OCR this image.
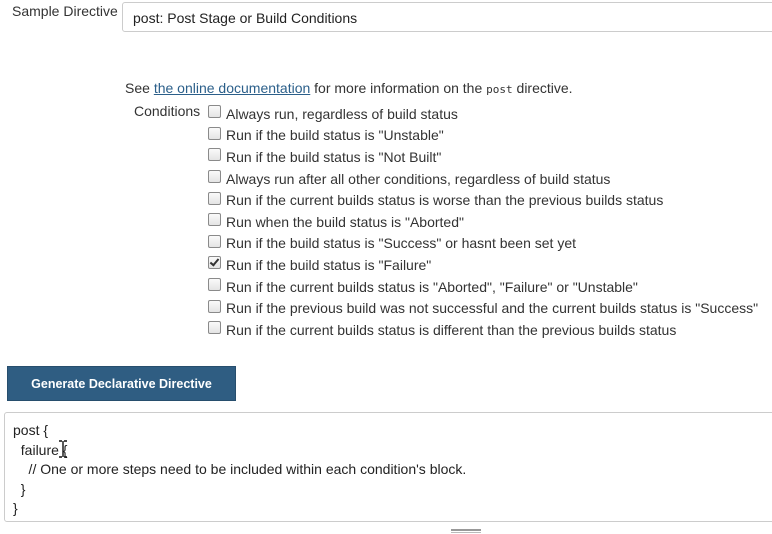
Sample Directive	post: Post Stage or Build Conditions
See the online documentation for more information on the post directive.
Conditions Always run, regardless of build status
Run if the build status is "Unstable"
Run if the build status is "Not Built"
Always run after all other conditions, regardless of build status
Run if the current builds status is worse than the previous builds status
Run when the build status is "Aborted"
Run if the build status is "Success" or hasnt been set yet
Run if the build status is "Failure"
Run if the current builds status is "Aborted", "Failure" or "Unstable"
Run if the previous build was not successful and the current builds status is "Success"
Run if the current builds status is different than the previous builds status
Generate Declarative Directive
post {
failure {
// One or more steps need to be included within each condition's block.
}
}
